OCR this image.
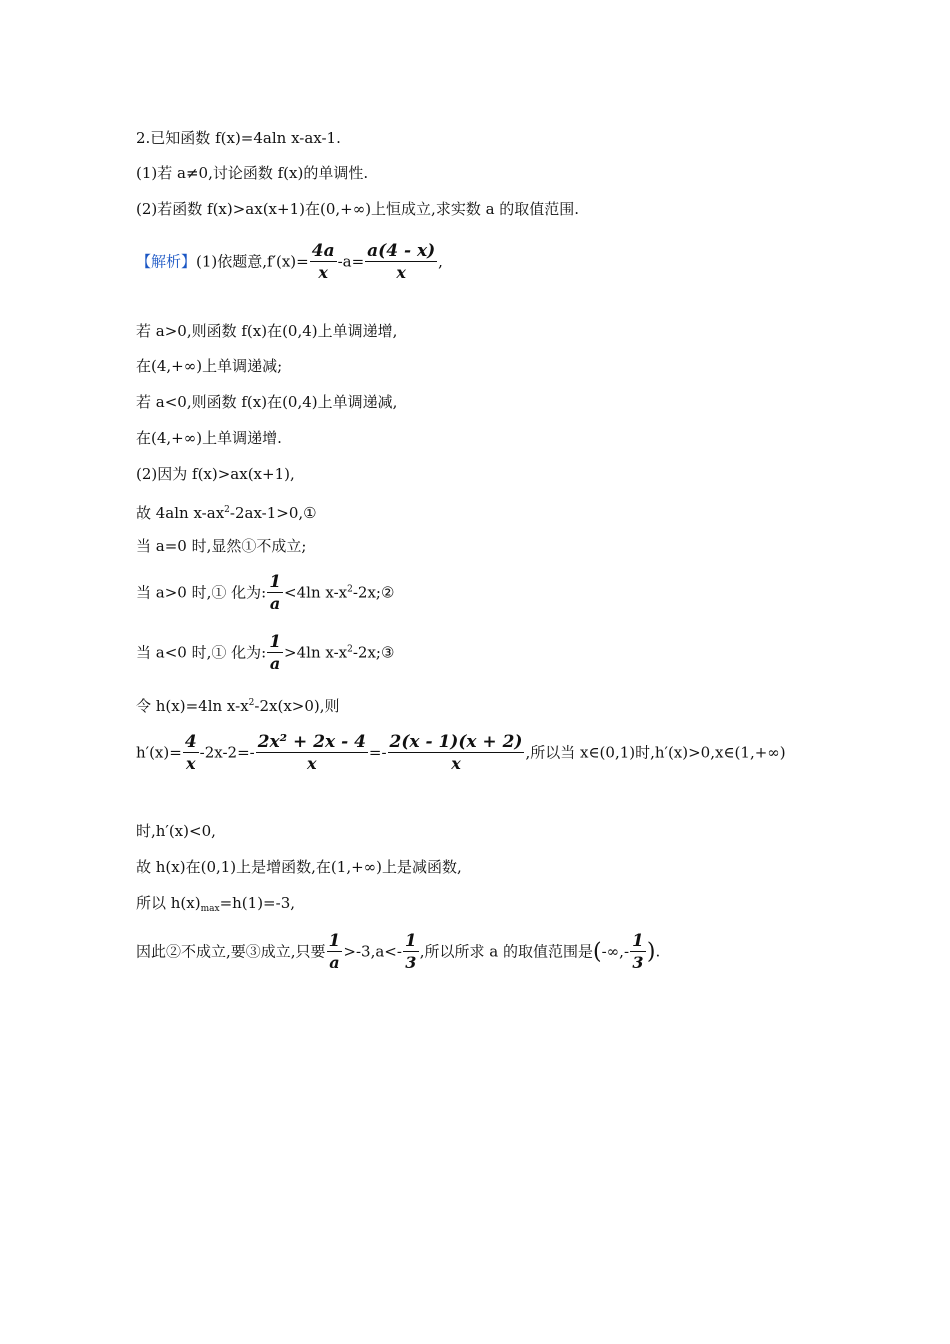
2.已知函数 f(x)=4aln x-ax-1.
(1)若 a≠0,讨论函数 f(x)的单调性.
(2)若函数 f(x)>ax(x+1)在(0,+∞)上恒成立,求实数 a 的取值范围.
【解析】(1)依题意$,f'(x)= \frac{4a}{x} -a= \frac{a(4 - x)}{x}$ ,
若 a>0,则函数 f(x)在(0,4)上单调递增,
在(4,+∞)上单调递减;
若 a<0,则函数 f(x)在(0,4)上单调递减,
在(4,+∞)上单调递增.
(2)因为 f(x)>ax(x+1),
故 4aln $x-ax^2-2ax-1>0,①$
当 a=0 时,显然①不成立;
当 a>0 时,① 化为: $\frac{1}{a} <4\ln$ $x-x^2-2x;②$
当 a<0 时,① 化为: $\frac{1}{a} >4\ln$ $x-x^2-2x;③$
令 h(x)=4ln $x-x^2-2x(x>0)$,则
$h'(x)= \frac{4}{x} -2x-2=- \frac{\text{2x² + 2x - 4}}{x} =- \frac{2(x - 1)(x + 2)}{x}$ ,所以当 x∈(0,1)时,h′(x)>0,x∈(1,+∞)
时,h′(x)<0,
故 h(x)在(0,1)上是增函数,在(1,+∞)上是减函数,
所以 $h(x)_{max}=h(1)=-3$,
因此②不成立,要③成立,只要 $\frac{1}{a} >-3,a<- \frac{1}{3}$ ,所以所求 a 的取值范围是(-∞,- $\frac{1}{3}$ ).
